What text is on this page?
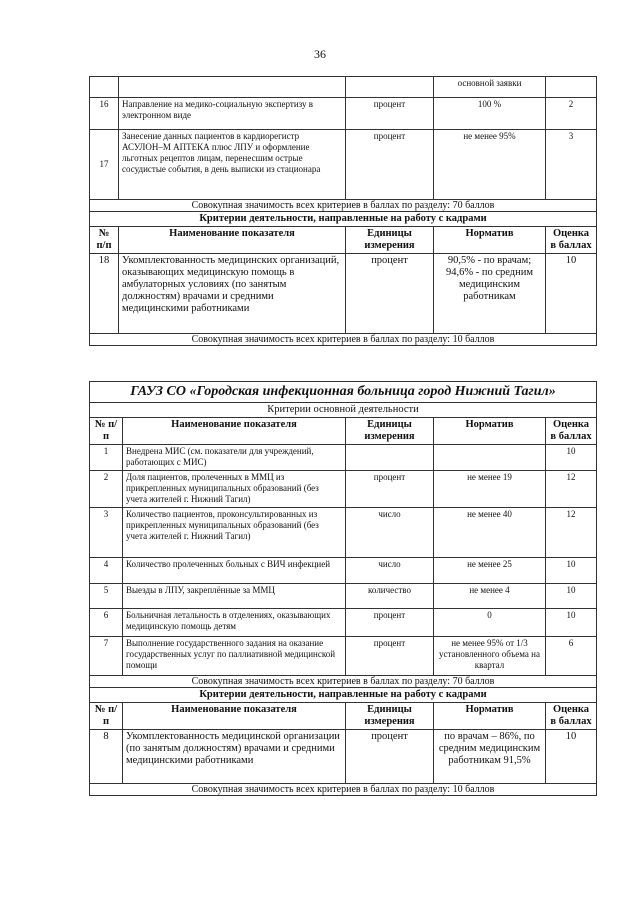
36
			основной заявки	
16	Направление на медико-социальную экспертизу в электронном виде	процент	100 %	2
17	Занесение данных пациентов в кардиорегистр АСУЛОН–М АПТЕКА плюс ЛПУ и оформление льготных рецептов лицам, перенесшим острые сосудистые события, в день выписки из стационара	процент	не менее 95%	3
Совокупная значимость всех критериев в баллах по разделу: 70 баллов				
Критерии деятельности, направленные на работу с кадрами				
№ п/п	Наименование показателя	Единицы измерения	Норматив	Оценка в баллах
18	Укомплектованность медицинских организаций, оказывающих медицинскую помощь в амбулаторных условиях (по занятым должностям) врачами и средними медицинскими работниками	процент	90,5% - по врачам; 94,6% - по средним медицинским работникам	10
Совокупная значимость всех критериев в баллах по разделу: 10 баллов				
ГАУЗ СО «Городская инфекционная больница город Нижний Тагил»				
Критерии основной деятельности				
№ п/п	Наименование показателя	Единицы измерения	Норматив	Оценка в баллах
1	Внедрена МИС (см. показатели для учреждений, работающих с МИС)			10
2	Доля пациентов, пролеченных в ММЦ из прикрепленных муниципальных образований (без учета жителей г. Нижний Тагил)	процент	не менее 19	12
3	Количество пациентов, проконсультированных из прикрепленных муниципальных образований (без учета жителей г. Нижний Тагил)	число	не менее 40	12
4	Количество пролеченных больных с ВИЧ инфекцией	число	не менее 25	10
5	Выезды в ЛПУ, закреплённые за ММЦ	количество	не менее 4	10
6	Больничная летальность в отделениях, оказывающих медицинскую помощь детям	процент	0	10
7	Выполнение государственного задания на оказание государственных услуг по паллиативной медицинской помощи	процент	не менее 95% от 1/3 установленного объема на квартал	6
Совокупная значимость всех критериев в баллах по разделу: 70 баллов				
Критерии деятельности, направленные на работу с кадрами				
№ п/п	Наименование показателя	Единицы измерения	Норматив	Оценка в баллах
8	Укомплектованность медицинской организации (по занятым должностям) врачами и средними медицинскими работниками	процент	по врачам – 86%, по средним медицинским работникам 91,5%	10
Совокупная значимость всех критериев в баллах по разделу: 10 баллов				
